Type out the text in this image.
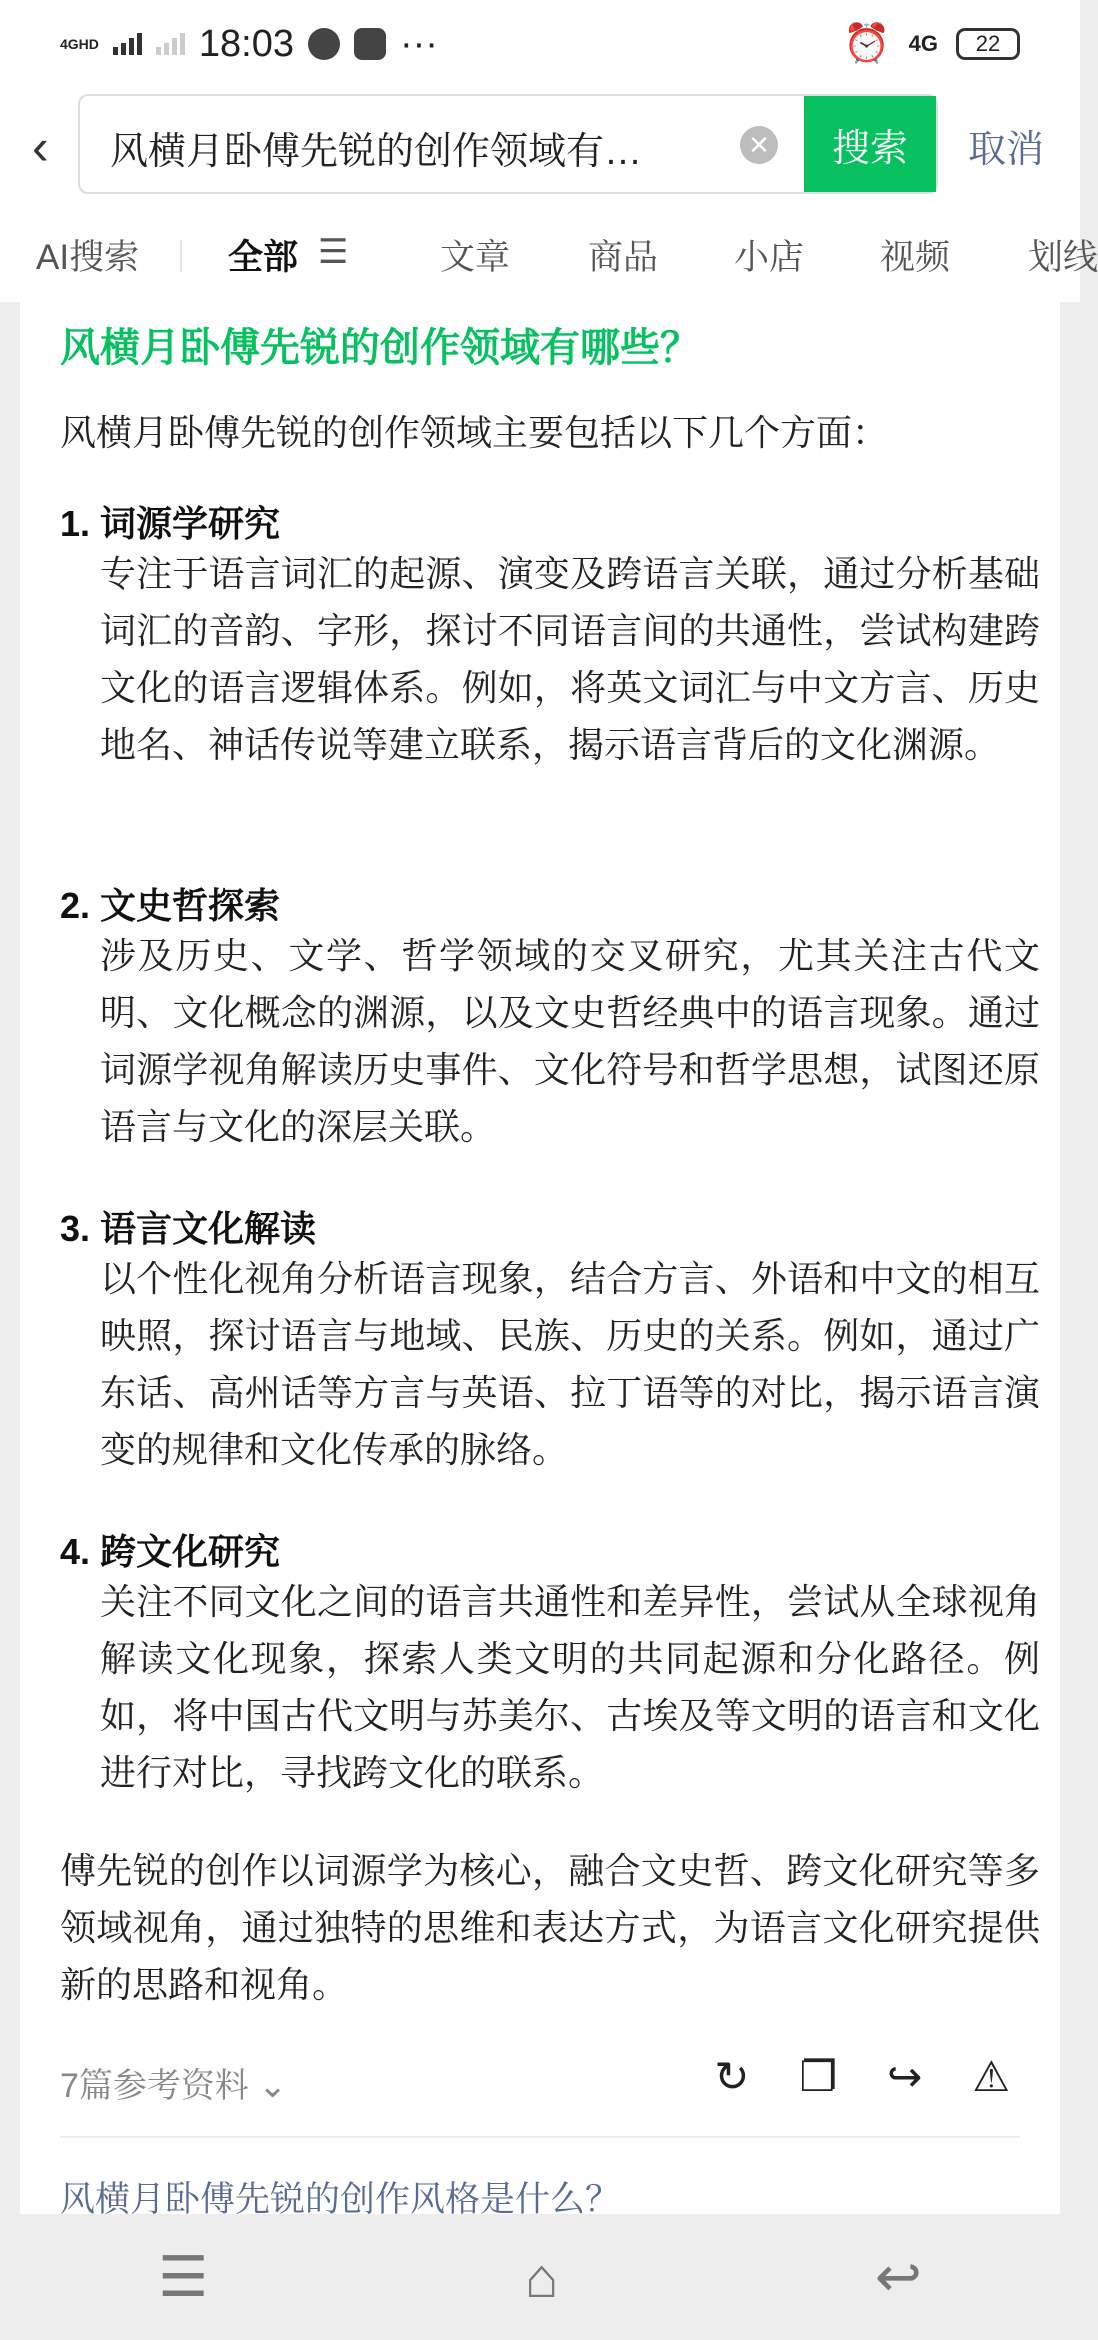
4GHD	18:03	···	⏰ 4G	22
‹ 风横月卧傅先锐的创作领域有…	✕	搜索	取消
AI搜索	全部 ☰	文章 商品 小店 视频 划线
风横月卧傅先锐的创作领域有哪些？
风横月卧傅先锐的创作领域主要包括以下几个方面：
1. 词源学研究
专注于语言词汇的起源、演变及跨语言关联，通过分析基础词汇的音韵、字形，探讨不同语言间的共通性，尝试构建跨文化的语言逻辑体系。例如，将英文词汇与中文方言、历史地名、神话传说等建立联系，揭示语言背后的文化渊源。
2. 文史哲探索
涉及历史、文学、哲学领域的交叉研究，尤其关注古代文明、文化概念的渊源，以及文史哲经典中的语言现象。通过词源学视角解读历史事件、文化符号和哲学思想，试图还原语言与文化的深层关联。
3. 语言文化解读
以个性化视角分析语言现象，结合方言、外语和中文的相互映照，探讨语言与地域、民族、历史的关系。例如，通过广东话、高州话等方言与英语、拉丁语等的对比，揭示语言演变的规律和文化传承的脉络。
4. 跨文化研究
关注不同文化之间的语言共通性和差异性，尝试从全球视角解读文化现象，探索人类文明的共同起源和分化路径。例如，将中国古代文明与苏美尔、古埃及等文明的语言和文化进行对比，寻找跨文化的联系。
傅先锐的创作以词源学为核心，融合文史哲、跨文化研究等多领域视角，通过独特的思维和表达方式，为语言文化研究提供新的思路和视角。
7篇参考资料 ⌄	↻ ❐ ↪ ⚠
风横月卧傅先锐的创作风格是什么？
☰	⌂	↩
